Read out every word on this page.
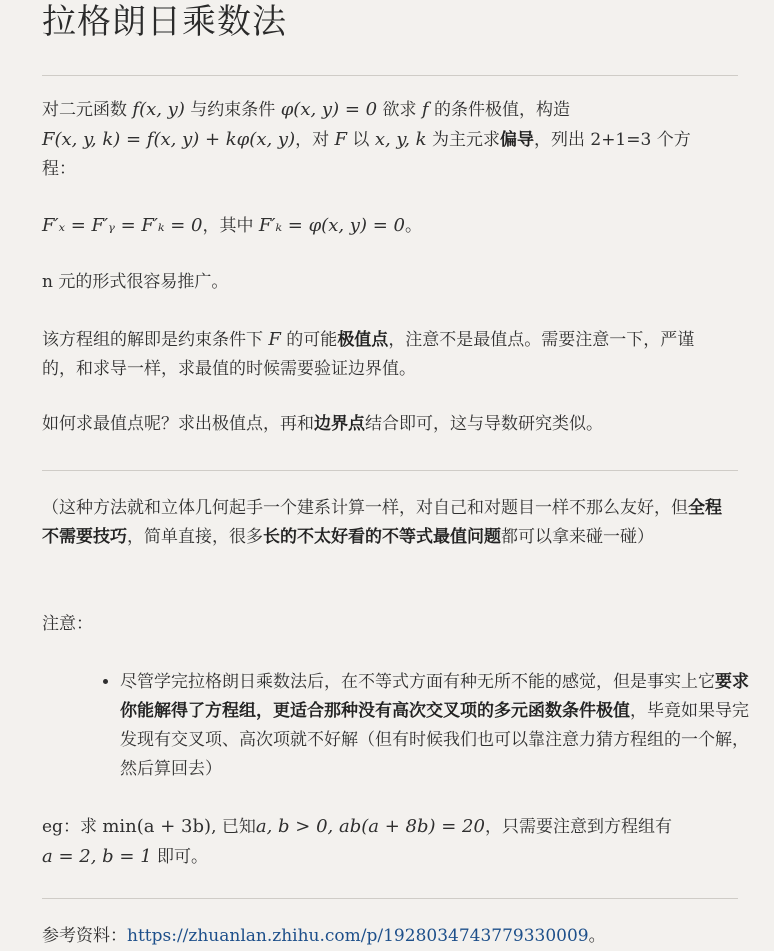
拉格朗日乘数法

对二元函数 f(x, y) 与约束条件 φ(x, y) = 0 欲求 f 的条件极值，构造
F(x, y, k) = f(x, y) + kφ(x, y)，对 F 以 x, y, k 为主元求偏导，列出 2+1=3 个方程：

F′ₓ = F′ᵧ = F′ₖ = 0，其中 F′ₖ = φ(x, y) = 0。

n 元的形式很容易推广。

该方程组的解即是约束条件下 F 的可能极值点，注意不是最值点。需要注意一下，严谨的，和求导一样，求最值的时候需要验证边界值。

如何求最值点呢？求出极值点，再和边界点结合即可，这与导数研究类似。

（这种方法就和立体几何起手一个建系计算一样，对自己和对题目一样不那么友好，但全程不需要技巧，简单直接，很多长的不太好看的不等式最值问题都可以拿来碰一碰）

注意：

• 尽管学完拉格朗日乘数法后，在不等式方面有种无所不能的感觉，但是事实上它要求你能解得了方程组，更适合那种没有高次交叉项的多元函数条件极值，毕竟如果导完发现有交叉项、高次项就不好解（但有时候我们也可以靠注意力猜方程组的一个解，然后算回去）

eg：求 min(a + 3b), 已知a, b > 0, ab(a + 8b) = 20，只需要注意到方程组有
a = 2, b = 1 即可。

参考资料：https://zhuanlan.zhihu.com/p/1928034743779330009。
